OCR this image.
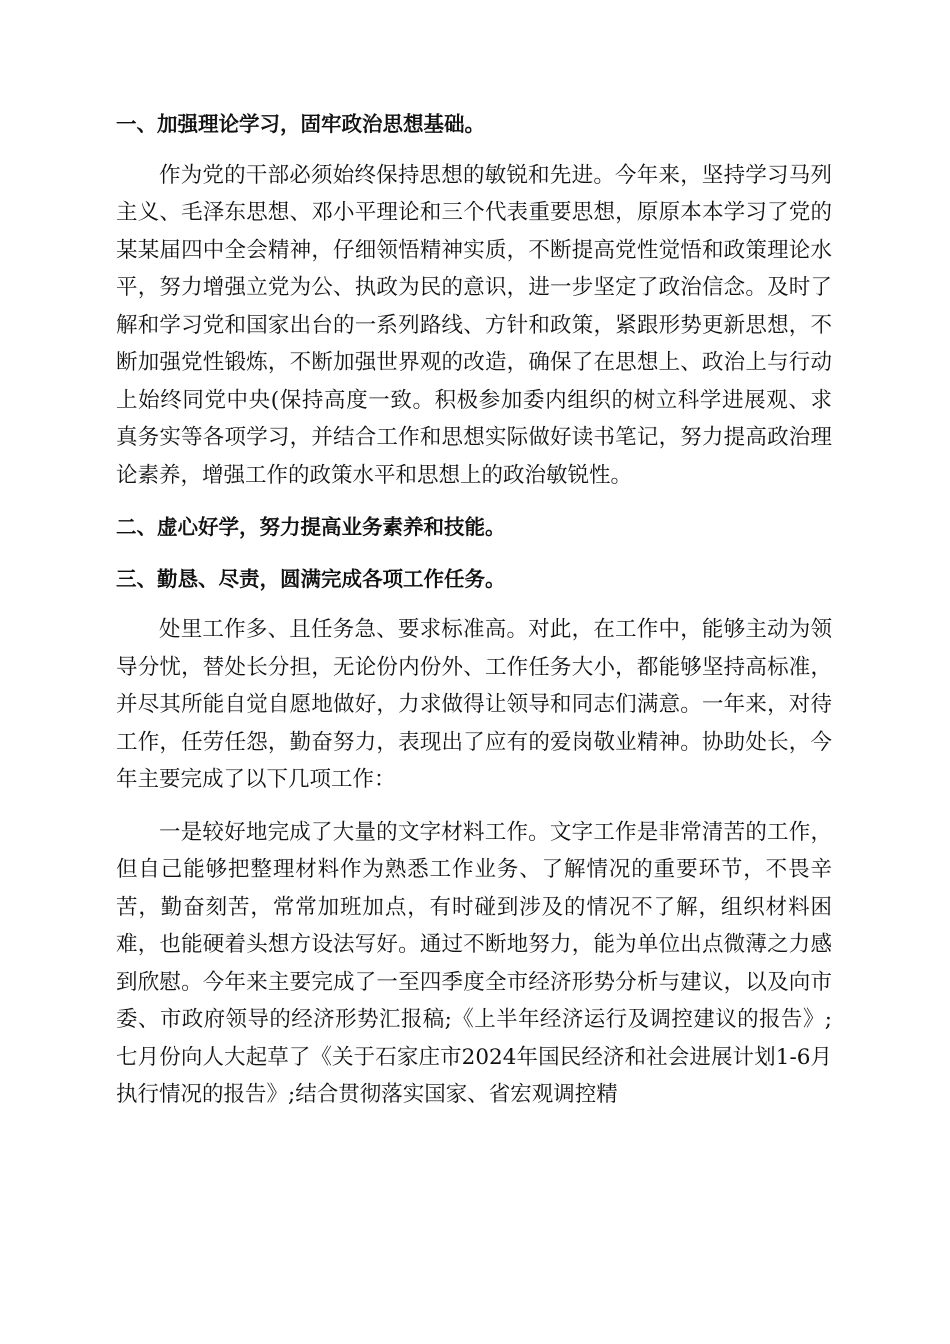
一、加强理论学习，固牢政治思想基础。

作为党的干部必须始终保持思想的敏锐和先进。今年来，坚持学习马列主义、毛泽东思想、邓小平理论和三个代表重要思想，原原本本学习了党的某某届四中全会精神，仔细领悟精神实质，不断提高党性觉悟和政策理论水平，努力增强立党为公、执政为民的意识，进一步坚定了政治信念。及时了解和学习党和国家出台的一系列路线、方针和政策，紧跟形势更新思想，不断加强党性锻炼，不断加强世界观的改造，确保了在思想上、政治上与行动上始终同党中央(保持高度一致。积极参加委内组织的树立科学进展观、求真务实等各项学习，并结合工作和思想实际做好读书笔记，努力提高政治理论素养，增强工作的政策水平和思想上的政治敏锐性。

二、虚心好学，努力提高业务素养和技能。

三、勤恳、尽责，圆满完成各项工作任务。

处里工作多、且任务急、要求标准高。对此，在工作中，能够主动为领导分忧，替处长分担，无论份内份外、工作任务大小，都能够坚持高标准，并尽其所能自觉自愿地做好，力求做得让领导和同志们满意。一年来，对待工作，任劳任怨，勤奋努力，表现出了应有的爱岗敬业精神。协助处长，今年主要完成了以下几项工作：

一是较好地完成了大量的文字材料工作。文字工作是非常清苦的工作，但自己能够把整理材料作为熟悉工作业务、了解情况的重要环节，不畏辛苦，勤奋刻苦，常常加班加点，有时碰到涉及的情况不了解，组织材料困难，也能硬着头想方设法写好。通过不断地努力，能为单位出点微薄之力感到欣慰。今年来主要完成了一至四季度全市经济形势分析与建议，以及向市委、市政府领导的经济形势汇报稿;《上半年经济运行及调控建议的报告》;七月份向人大起草了《关于石家庄市2024年国民经济和社会进展计划1-6月执行情况的报告》;结合贯彻落实国家、省宏观调控精
